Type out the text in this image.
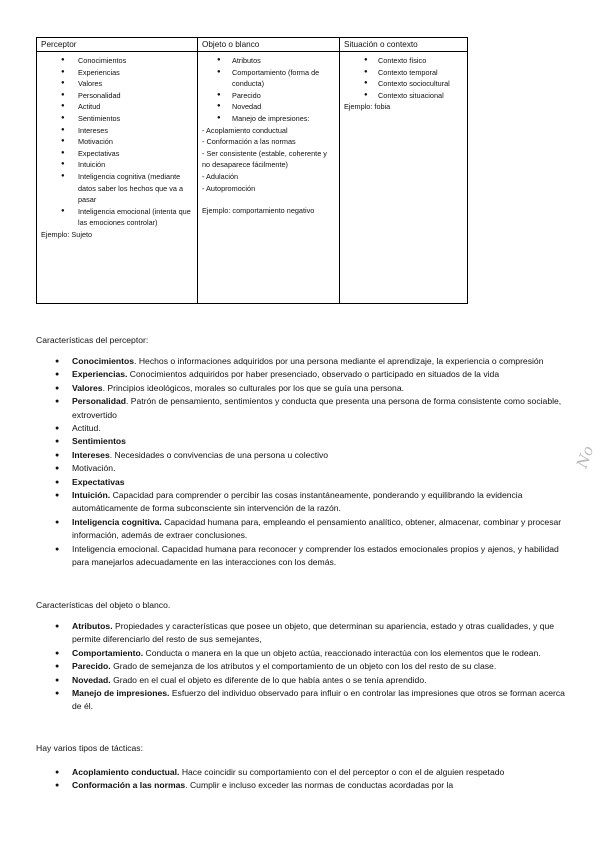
Perceptor	Objeto o blanco	Situación o contexto
● Conocimientos
● Experiencias
● Valores
● Personalidad
● Actitud
● Sentimientos
● Intereses
● Motivación
● Expectativas
● Intuición
● Inteligencia cognitiva (mediante datos saber los hechos que va a pasar
● Inteligencia emocional (intenta que las emociones controlar)
Ejemplo: Sujeto
● Atributos
● Comportamiento (forma de conducta)
● Parecido
● Novedad
● Manejo de impresiones:
- Acoplamiento conductual
- Conformación a las normas
- Ser consistente (estable, coherente y no desaparece fácilmente)
- Adulación
- Autopromoción
Ejemplo: comportamiento negativo
● Contexto físico
● Contexto temporal
● Contexto sociocultural
● Contexto situacional
Ejemplo: fobia
Características del perceptor:
● Conocimientos. Hechos o informaciones adquiridos por una persona mediante el aprendizaje, la experiencia o compresión
● Experiencias. Conocimientos adquiridos por haber presenciado, observado o participado en situados de la vida
● Valores. Principios ideológicos, morales so culturales por los que se guía una persona.
● Personalidad. Patrón de pensamiento, sentimientos y conducta que presenta una persona de forma consistente como sociable, extrovertido
● Actitud.
● Sentimientos
● Intereses. Necesidades o convivencias de una persona u colectivo
● Motivación.
● Expectativas
● Intuición. Capacidad para comprender o percibir las cosas instantáneamente, ponderando y equilibrando la evidencia automáticamente de forma subconsciente sin intervención de la razón.
● Inteligencia cognitiva. Capacidad humana para, empleando el pensamiento analítico, obtener, almacenar, combinar y procesar información, además de extraer conclusiones.
● Inteligencia emocional. Capacidad humana para reconocer y comprender los estados emocionales propios y ajenos, y habilidad para manejarlos adecuadamente en las interacciones con los demás.
Características del objeto o blanco.
● Atributos. Propiedades y características que posee un objeto, que determinan su apariencia, estado y otras cualidades, y que permite diferenciarlo del resto de sus semejantes,
● Comportamiento. Conducta o manera en la que un objeto actúa, reaccionado interactúa con los elementos que le rodean.
● Parecido. Grado de semejanza de los atributos y el comportamiento de un objeto con los del resto de su clase.
● Novedad. Grado en el cual el objeto es diferente de lo que había antes o se tenía aprendido.
● Manejo de impresiones. Esfuerzo del individuo observado para influir o en controlar las impresiones que otros se forman acerca de él.
Hay varios tipos de tácticas:
● Acoplamiento conductual. Hace coincidir su comportamiento con el del perceptor o con el de alguien respetado
● Conformación a las normas. Cumplir e incluso exceder las normas de conductas acordadas por la
No
